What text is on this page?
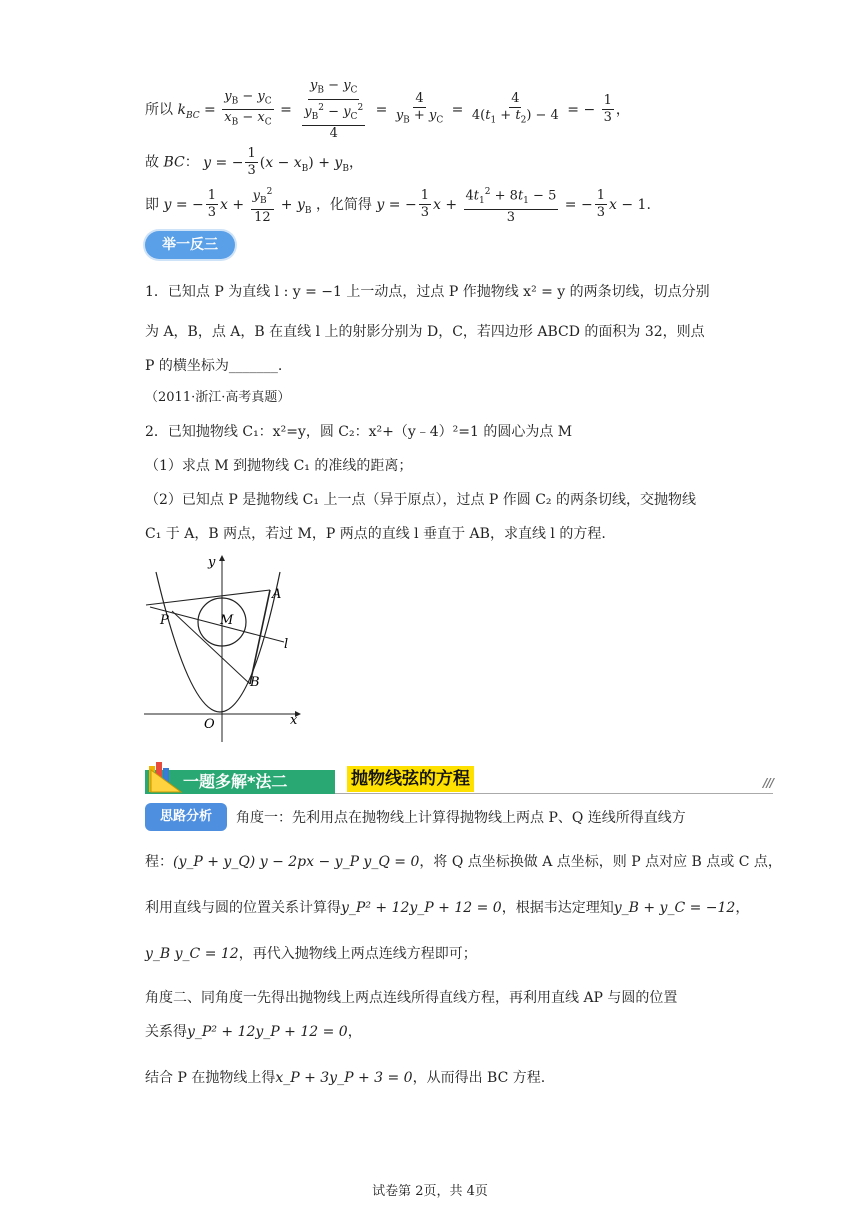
所以 $k_{BC} = \frac{y_B - y_C}{x_B - x_C} = \frac{y_B - y_C}{\frac{y_B^2 - y_C^2}{4}} = \frac{4}{y_B + y_C} = \frac{4}{4(t_1 + t_2) - 4}$ = − $\frac{1}{3}$ ，
故 BC： y = − $\frac{1}{3} (x - x_B) + y_B$，
即 y = − $\frac{1}{3}$ $x + \frac{y_B^2}{12} + y_B$ ，化简得 y = − $\frac{1}{3}$ $x + \frac{4t_1^2 + 8t_1 - 5}{3}$ = − $\frac{1}{3}$ x − 1.
举一反三
1．已知点 P 为直线 l : y = −1 上一动点，过点 P 作抛物线 x² = y 的两条切线，切点分别
为 A，B，点 A，B 在直线 l 上的射影分别为 D，C，若四边形 ABCD 的面积为 32，则点
P 的横坐标为_______.
（2011·浙江·高考真题）
2．已知抛物线 C₁：x²=y，圆 C₂：x²+（y﹣4）²=1 的圆心为点 M
（1）求点 M 到抛物线 C₁ 的准线的距离；
（2）已知点 P 是抛物线 C₁ 上一点（异于原点），过点 P 作圆 C₂ 的两条切线，交抛物线
C₁ 于 A，B 两点，若过 M，P 两点的直线 l 垂直于 AB，求直线 l 的方程.
y
x
O
P	M
A
B
l
一题多解*法二	抛物线弦的方程	///
思路分析	角度一：先利用点在抛物线上计算得抛物线上两点 P、Q 连线所得直线方
程：(y_P + y_Q) y − 2px − y_P y_Q = 0，将 Q 点坐标换做 A 点坐标，则 P 点对应 B 点或 C 点，
利用直线与圆的位置关系计算得y_P² + 12y_P + 12 = 0，根据韦达定理知y_B + y_C = −12，
y_B y_C = 12，再代入抛物线上两点连线方程即可；
角度二、同角度一先得出抛物线上两点连线所得直线方程，再利用直线 AP 与圆的位置
关系得y_P² + 12y_P + 12 = 0，
结合 P 在抛物线上得x_P + 3y_P + 3 = 0，从而得出 BC 方程.
试卷第 2页，共 4页
